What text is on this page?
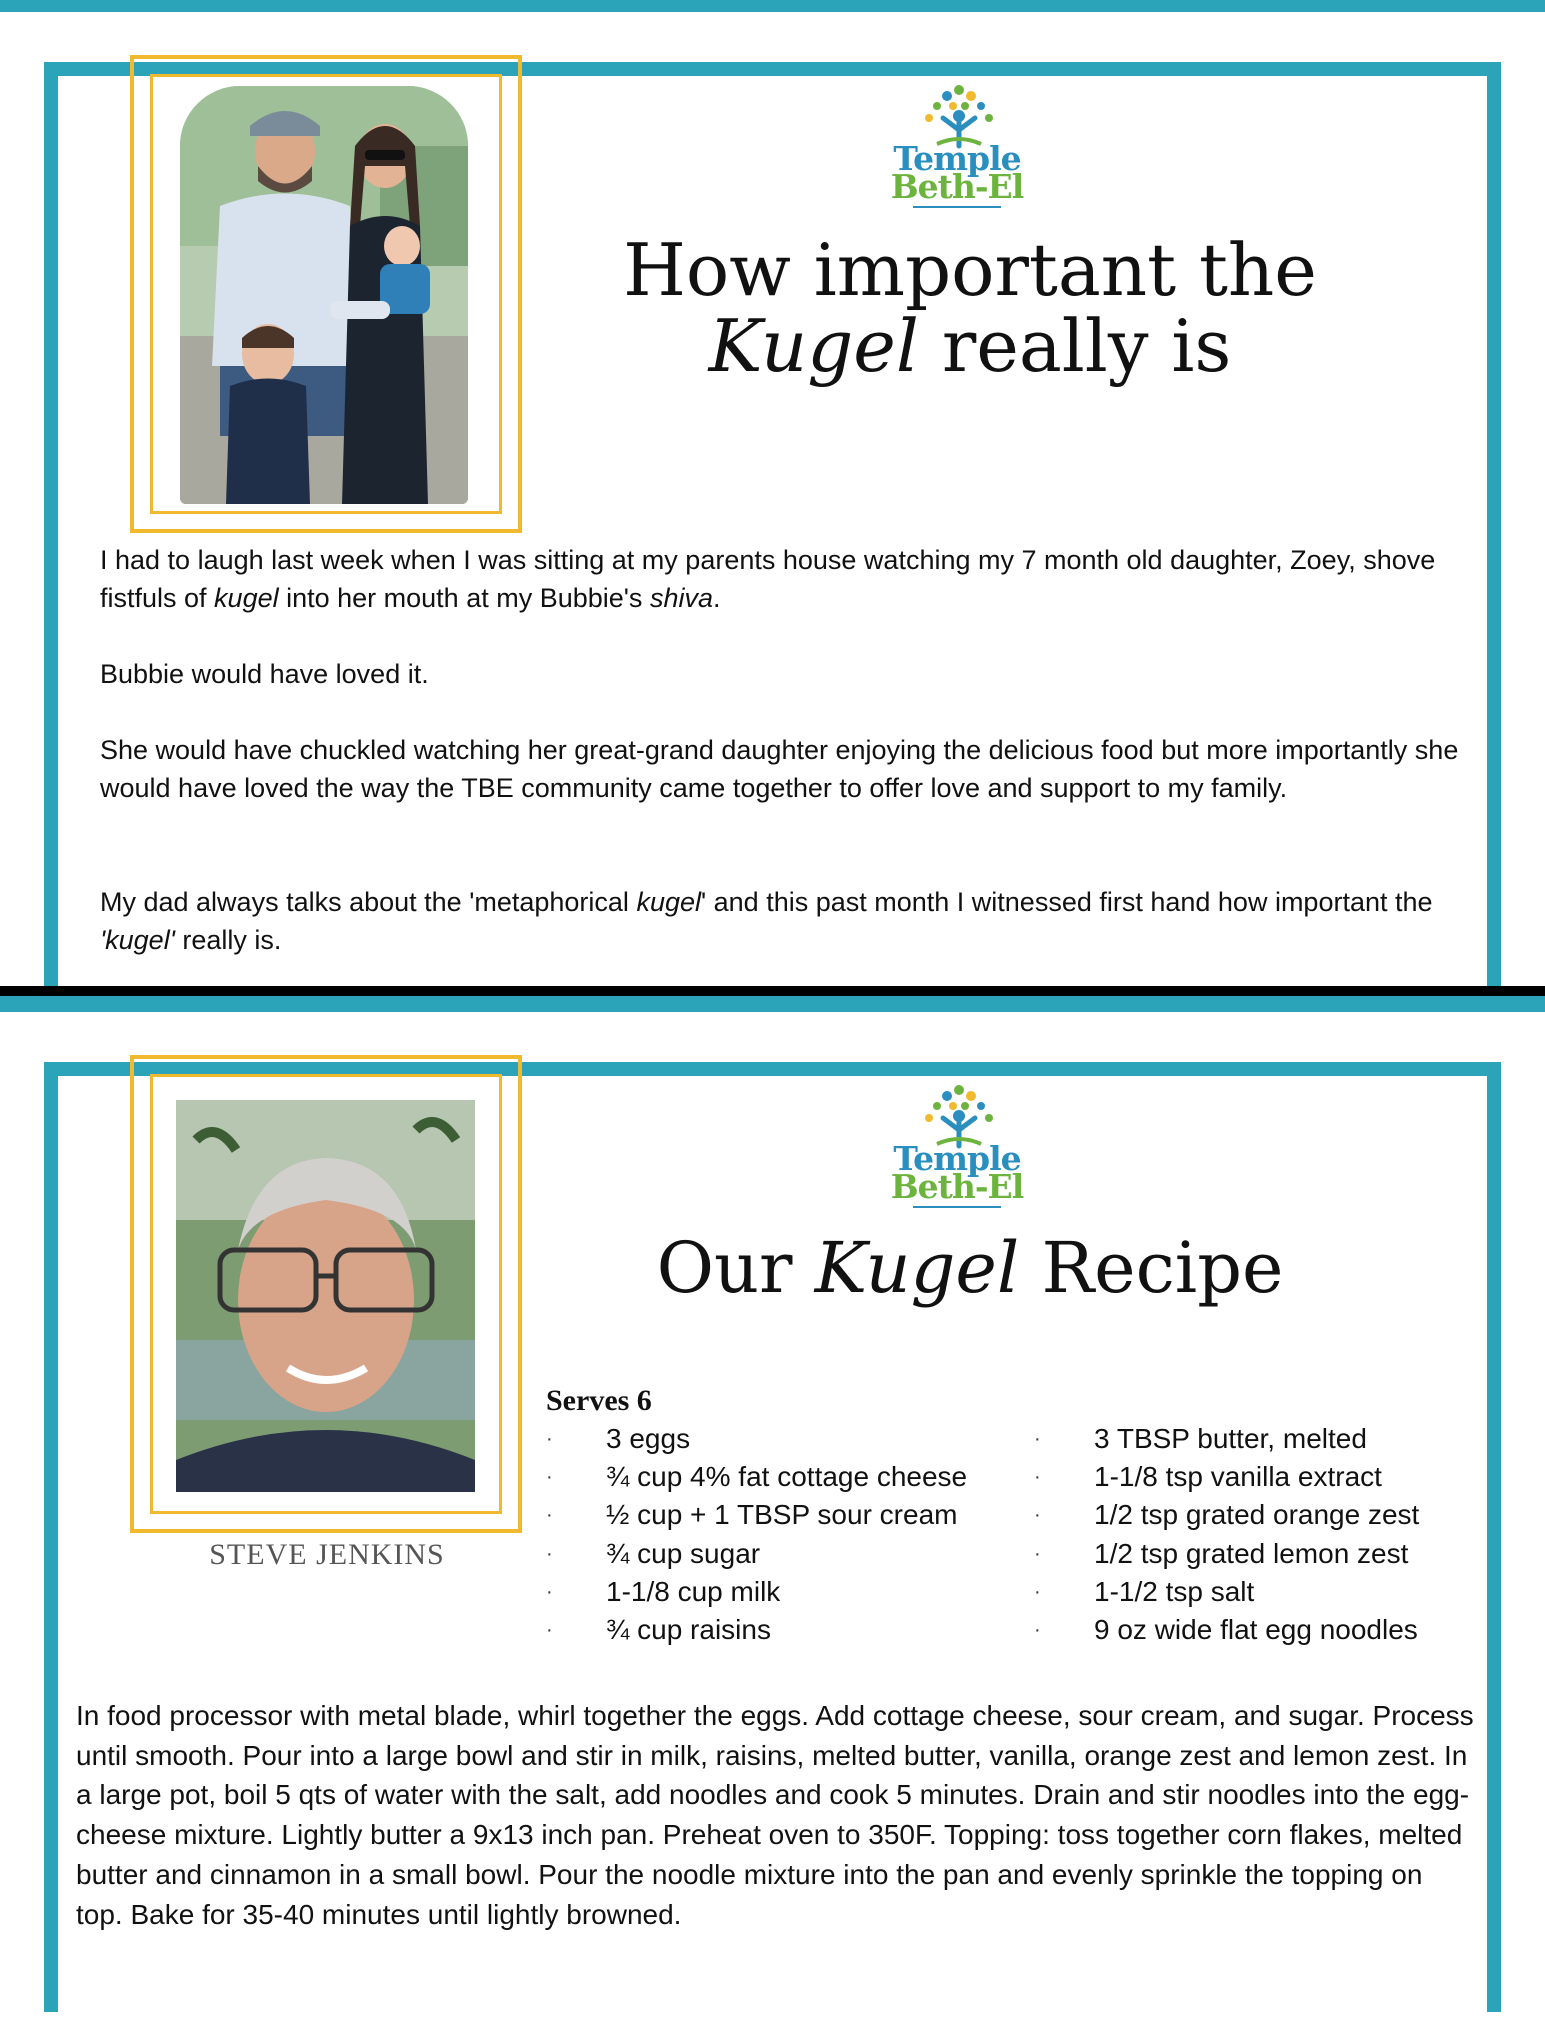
Temple
Beth-El
How important the
Kugel really is

I had to laugh last week when I was sitting at my parents house watching my 7 month old daughter, Zoey, shove fistfuls of kugel into her mouth at my Bubbie's shiva.

Bubbie would have loved it.

She would have chuckled watching her great-grand daughter enjoying the delicious food but more importantly she would have loved the way the TBE community came together to offer love and support to my family.

My dad always talks about the 'metaphorical kugel' and this past month I witnessed first hand how important the 'kugel' really is.

STEVE JENKINS
Temple
Beth-El
Our Kugel Recipe
Serves 6
· 3 eggs
· ¾ cup 4% fat cottage cheese
· ½ cup + 1 TBSP sour cream
· ¾ cup sugar
· 1-1/8 cup milk
· ¾ cup raisins
· 3 TBSP butter, melted
· 1-1/8 tsp vanilla extract
· 1/2 tsp grated orange zest
· 1/2 tsp grated lemon zest
· 1-1/2 tsp salt
· 9 oz wide flat egg noodles

In food processor with metal blade, whirl together the eggs. Add cottage cheese, sour cream, and sugar. Process until smooth. Pour into a large bowl and stir in milk, raisins, melted butter, vanilla, orange zest and lemon zest. In a large pot, boil 5 qts of water with the salt, add noodles and cook 5 minutes. Drain and stir noodles into the egg-cheese mixture. Lightly butter a 9x13 inch pan. Preheat oven to 350F. Topping: toss together corn flakes, melted butter and cinnamon in a small bowl. Pour the noodle mixture into the pan and evenly sprinkle the topping on top. Bake for 35-40 minutes until lightly browned.
